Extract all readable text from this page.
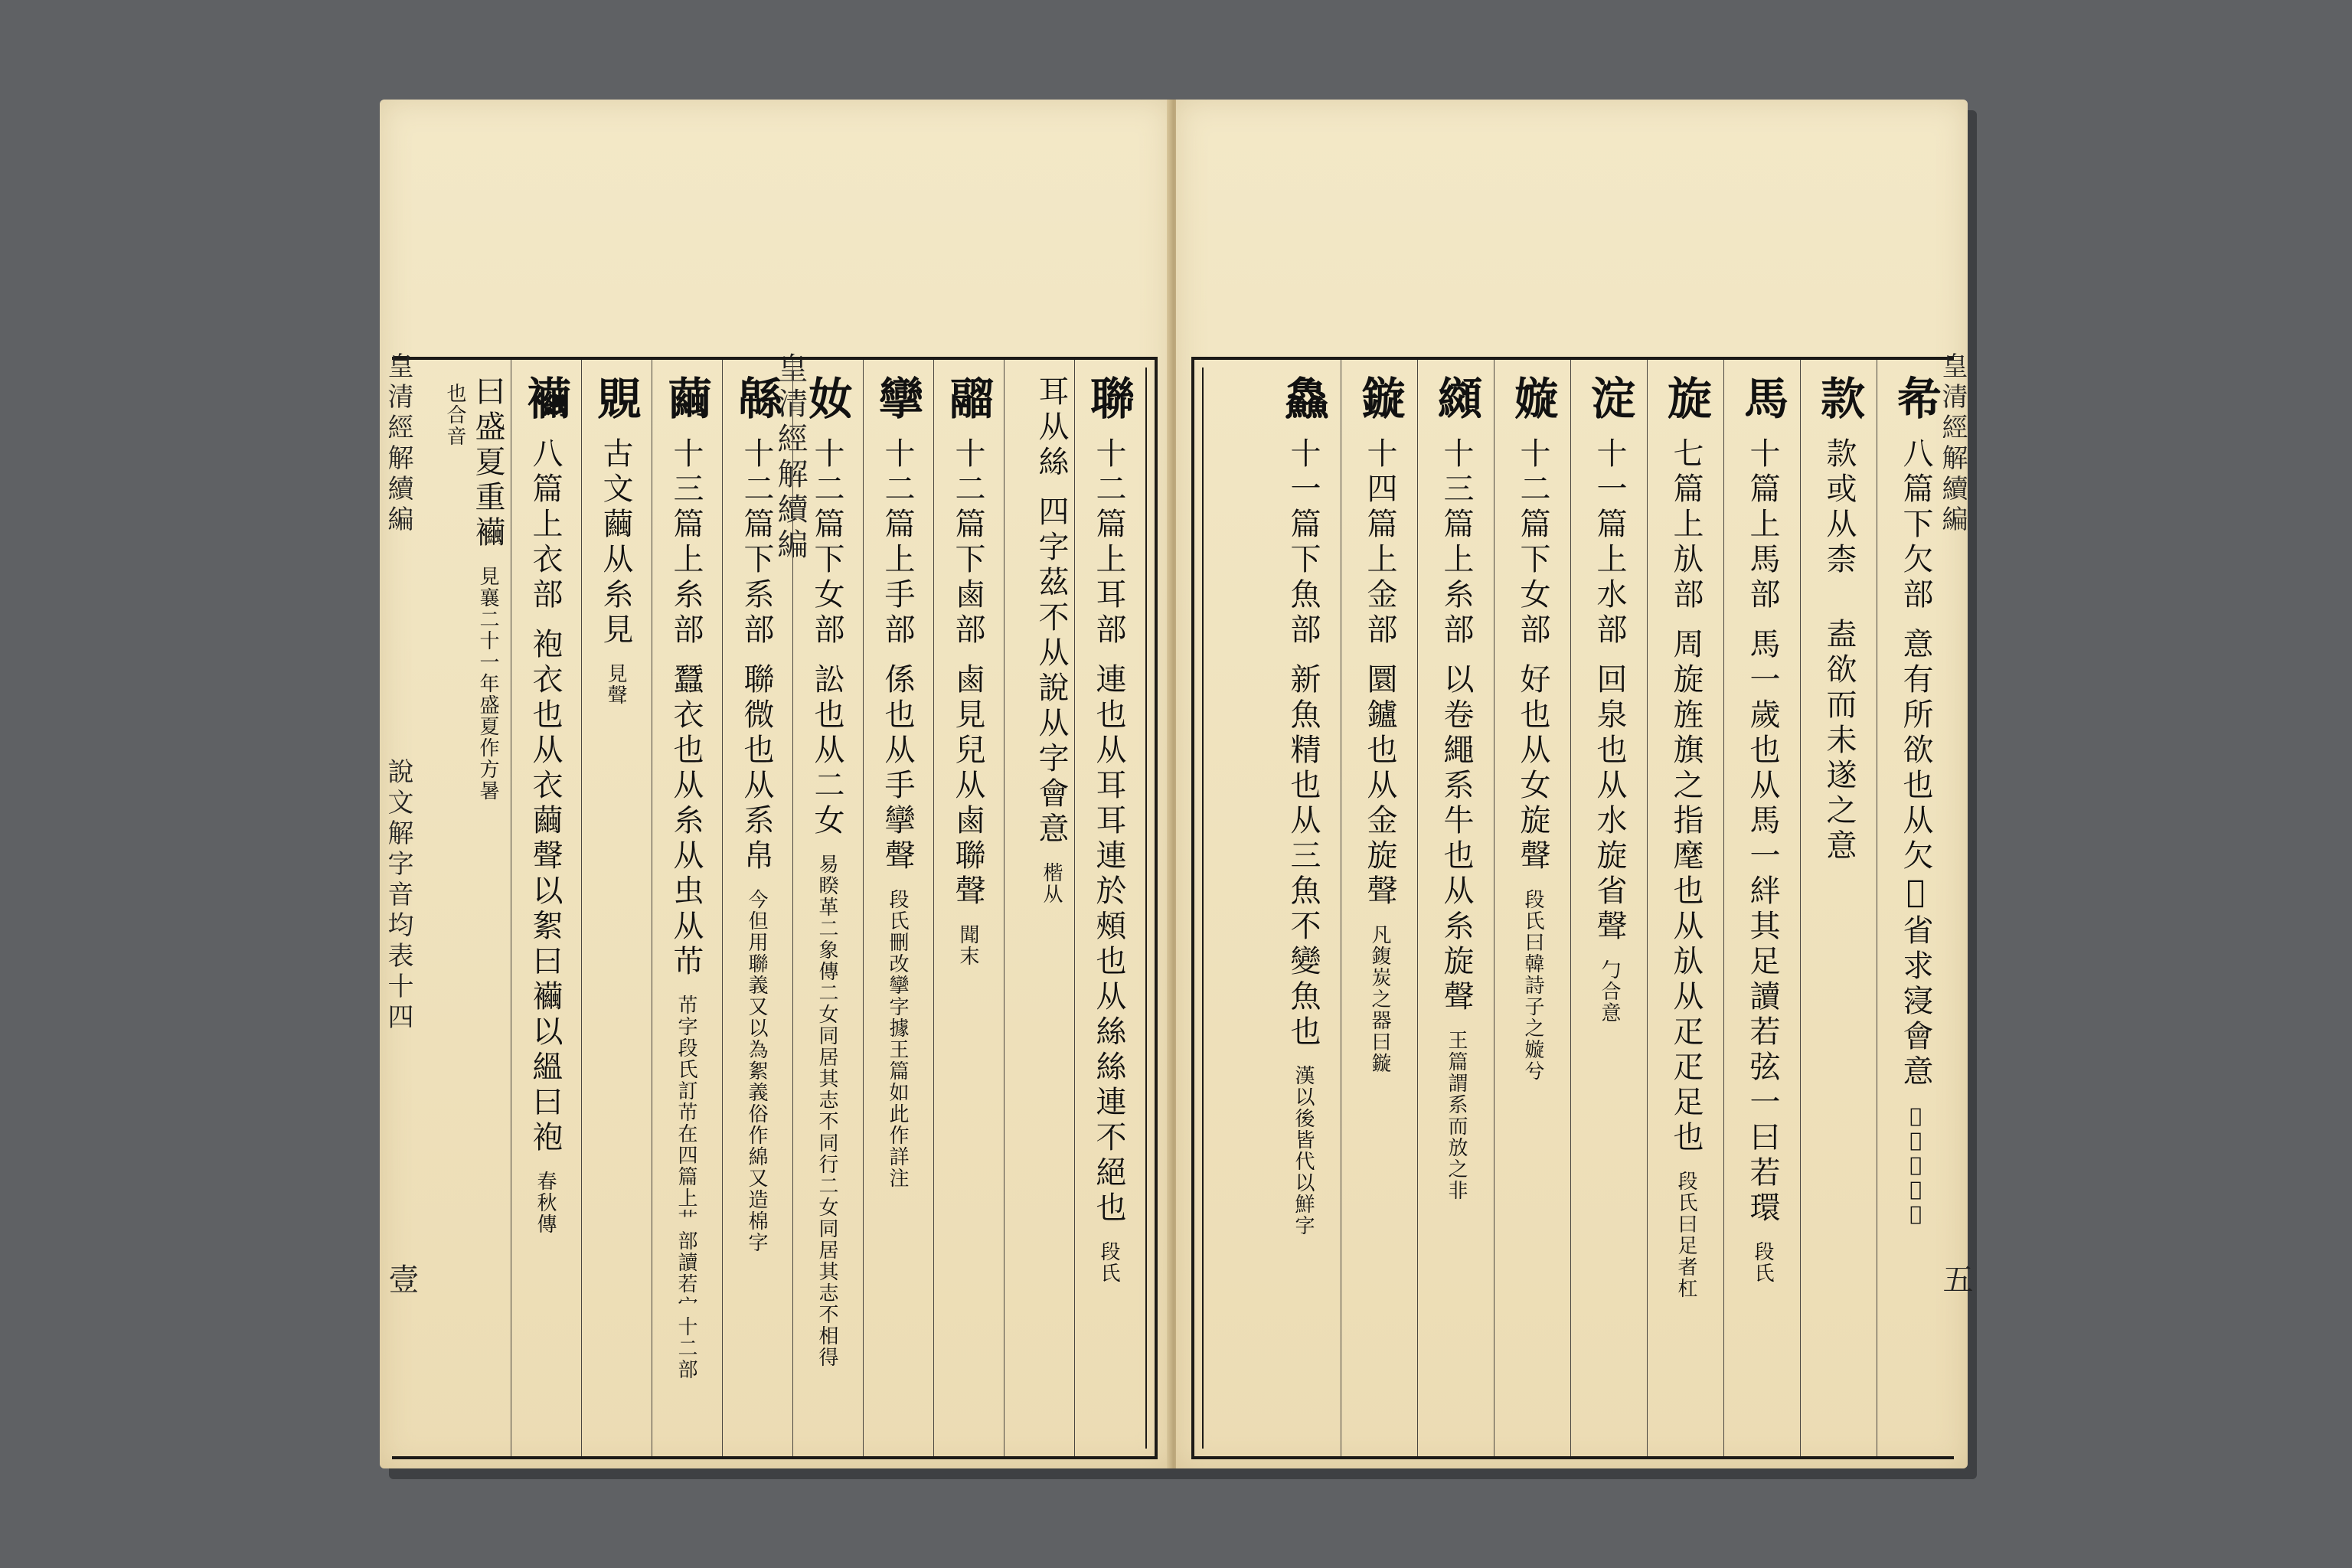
皇清經解續編	聯 十二篇上耳部 連也从耳耳連於頰也从絲絲連不絕也 段氏
耳从絲 四字茲不从說从字會意 楷从
鬸 十二篇下鹵部 鹵見兒从鹵聯聲 聞末
攣 十二篇上手部 係也从手攣聲 段氏刪改攣字據王篇如此作詳注
奻 十二篇下女部 訟也从二女 易睽革二象傳二女同居其志不同行二女同居其志不相得
緜 十二篇下系部 聯微也从系帛 今但用聯義又以為絮義俗作綿又造棉字
繭 十三篇上糸部 蠶衣也从糸从虫从芇 芇字段氏訂芇在四篇上艹部讀若宀十二部
覞 古文繭从糸見 見聲
襺 八篇上衣部 袍衣也从衣繭聲以絮曰襺以縕曰袍 春秋傳
曰盛夏重襺 見襄二十一年盛夏作方暑
也合音
皇清經解續編
說文解字音均表十四
壹
㣇 八篇下欠部 意有所欲也从欠𥨊省求寖會意 𥨊寖也空而
款 款或从柰 盍欲而未遂之意
馬 十篇上馬部 馬一歲也从馬一絆其足讀若弦一曰若環 段氏
旋 七篇上㫃部 周旋旌旗之指麾也从㫃从疋疋足也 段氏曰足者杠
淀 十一篇上水部 回泉也从水旋省聲 勹合意
嫙 十二篇下女部 好也从女旋聲 段氏曰韓詩子之嫙兮
纐 十三篇上糸部 以卷繩系牛也从糸旋聲 王篇謂系而放之非
鏇 十四篇上金部 圜鑪也从金旋聲 凡鍑炭之器曰鏇
鱻 十一篇下魚部 新魚精也从三魚不變魚也 漢以後皆代以鮮字
皇清經解續編
五
